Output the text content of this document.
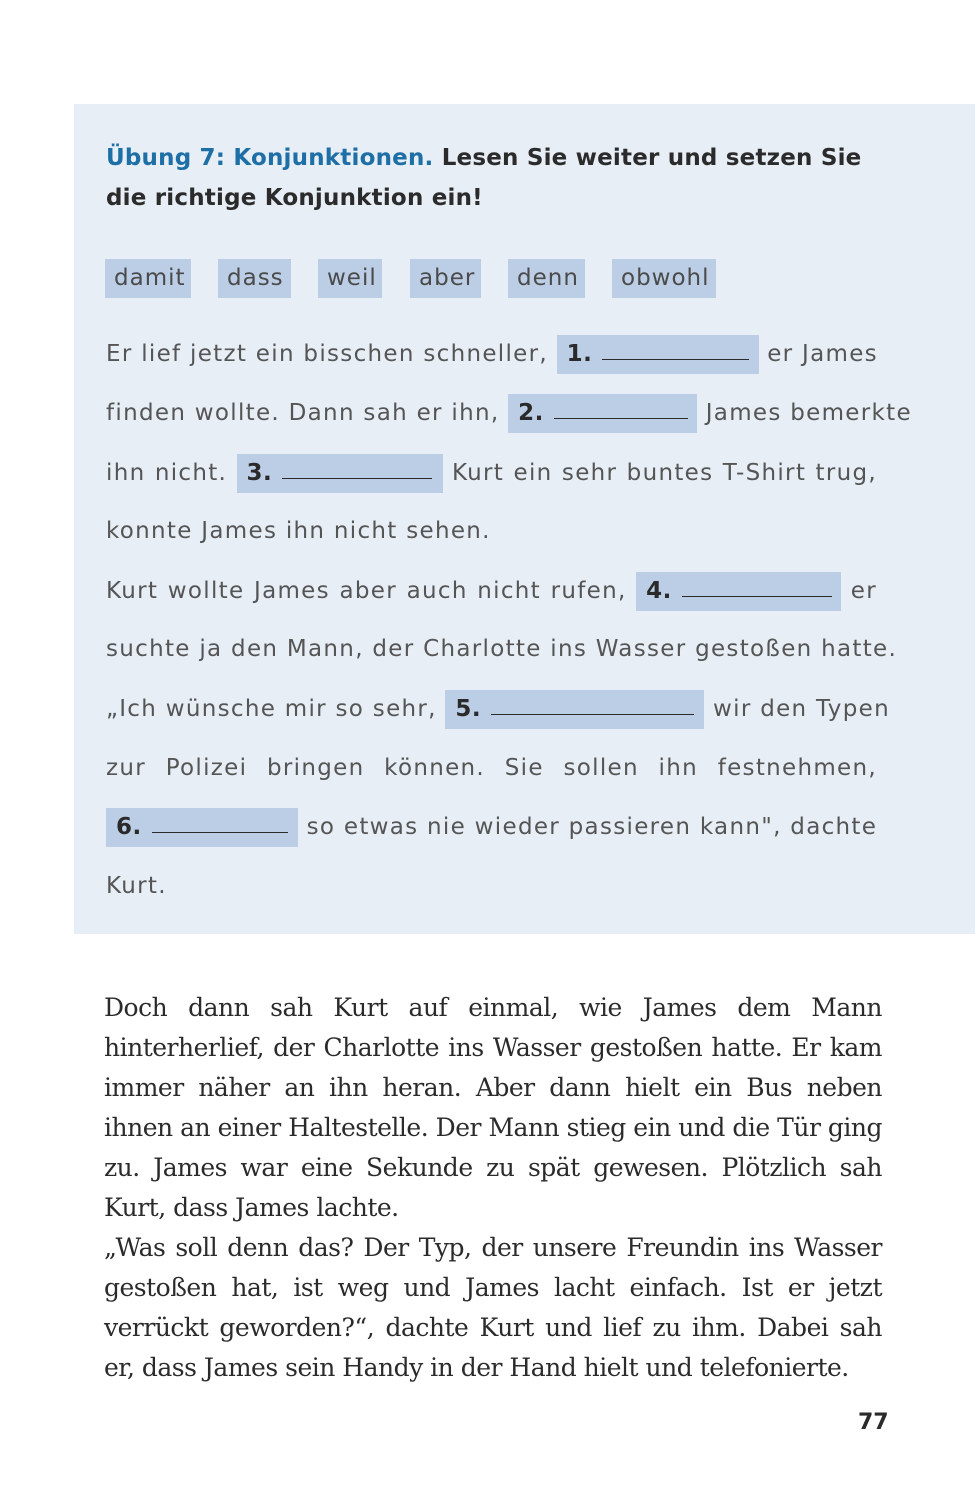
Übung 7: Konjunktionen. Lesen Sie weiter und setzen Sie die richtige Konjunktion ein!
damit	dass	weil	aber	denn	obwohl
Er lief jetzt ein bisschen schneller, 1.	er James
finden wollte. Dann sah er ihn, 2.	James bemerkte
ihn nicht. 3.	Kurt ein sehr buntes T-Shirt trug,
konnte James ihn nicht sehen.
Kurt wollte James aber auch nicht rufen, 4.	er
suchte ja den Mann, der Charlotte ins Wasser gestoßen hatte.
„Ich wünsche mir so sehr, 5.	wir den Typen
zur Polizei bringen können. Sie sollen ihn festnehmen,
6.	so etwas nie wieder passieren kann", dachte
Kurt.

Doch dann sah Kurt auf einmal, wie James dem Mann hinterherlief, der Charlotte ins Wasser gestoßen hatte. Er kam immer näher an ihn heran. Aber dann hielt ein Bus neben ihnen an einer Haltestelle. Der Mann stieg ein und die Tür ging zu. James war eine Sekunde zu spät gewesen. Plötzlich sah Kurt, dass James lachte.

„Was soll denn das? Der Typ, der unsere Freundin ins Wasser gestoßen hat, ist weg und James lacht einfach. Ist er jetzt verrückt geworden?“, dachte Kurt und lief zu ihm. Dabei sah er, dass James sein Handy in der Hand hielt und telefonierte.

77
